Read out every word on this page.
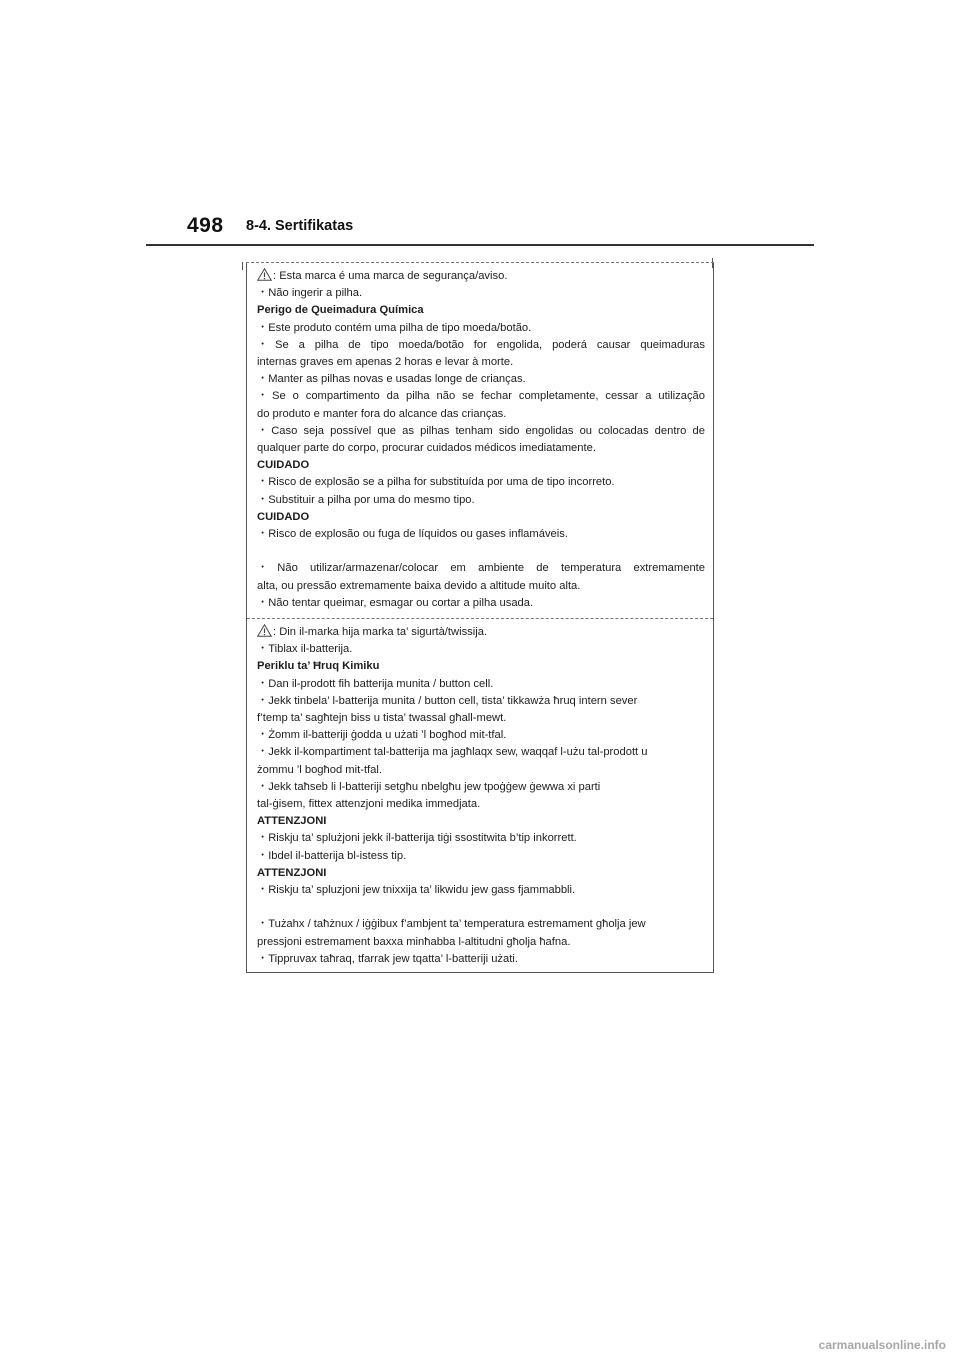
498 8-4. Sertifikatas
: Esta marca é uma marca de segurança/aviso.
・Não ingerir a pilha.
Perigo de Queimadura Química
・Este produto contém uma pilha de tipo moeda/botão.
・Se a pilha de tipo moeda/botão for engolida, poderá causar queimaduras
internas graves em apenas 2 horas e levar à morte.
・Manter as pilhas novas e usadas longe de crianças.
・Se o compartimento da pilha não se fechar completamente, cessar a utilização
do produto e manter fora do alcance das crianças.
・Caso seja possível que as pilhas tenham sido engolidas ou colocadas dentro de
qualquer parte do corpo, procurar cuidados médicos imediatamente.
CUIDADO
・Risco de explosão se a pilha for substituída por uma de tipo incorreto.
・Substituir a pilha por uma do mesmo tipo.
CUIDADO
・Risco de explosão ou fuga de líquidos ou gases inflamáveis.
・Não utilizar/armazenar/colocar em ambiente de temperatura extremamente
alta, ou pressão extremamente baixa devido a altitude muito alta.
・Não tentar queimar, esmagar ou cortar a pilha usada.
: Din il-marka hija marka ta’ sigurtà/twissija.
・Tiblax il-batterija.
Periklu ta’ Ħruq Kimiku
・Dan il-prodott fih batterija munita / button cell.
・Jekk tinbela’ l-batterija munita / button cell, tista’ tikkawża ħruq intern sever
f’temp ta’ sagħtejn biss u tista’ twassal għall-mewt.
・Żomm il-batteriji ġodda u użati ’l bogħod mit-tfal.
・Jekk il-kompartiment tal-batterija ma jagħlaqx sew, waqqaf l-użu tal-prodott u
żommu ’l bogħod mit-tfal.
・Jekk taħseb li l-batteriji setgħu nbelgħu jew tpoġġew ġewwa xi parti
tal-ġisem, fittex attenzjoni medika immedjata.
ATTENZJONI
・Riskju ta’ splużjoni jekk il-batterija tiġi ssostitwita b’tip inkorrett.
・Ibdel il-batterija bl-istess tip.
ATTENZJONI
・Riskju ta’ spluzjoni jew tnixxija ta’ likwidu jew gass fjammabbli.
・Tużahx / taħżnux / iġġibux f’ambjent ta’ temperatura estremament għolja jew
pressjoni estremament baxxa minħabba l-altitudni għolja ħafna.
・Tippruvax taħraq, tfarrak jew tqatta’ l-batteriji użati.
carmanualsonline.info
